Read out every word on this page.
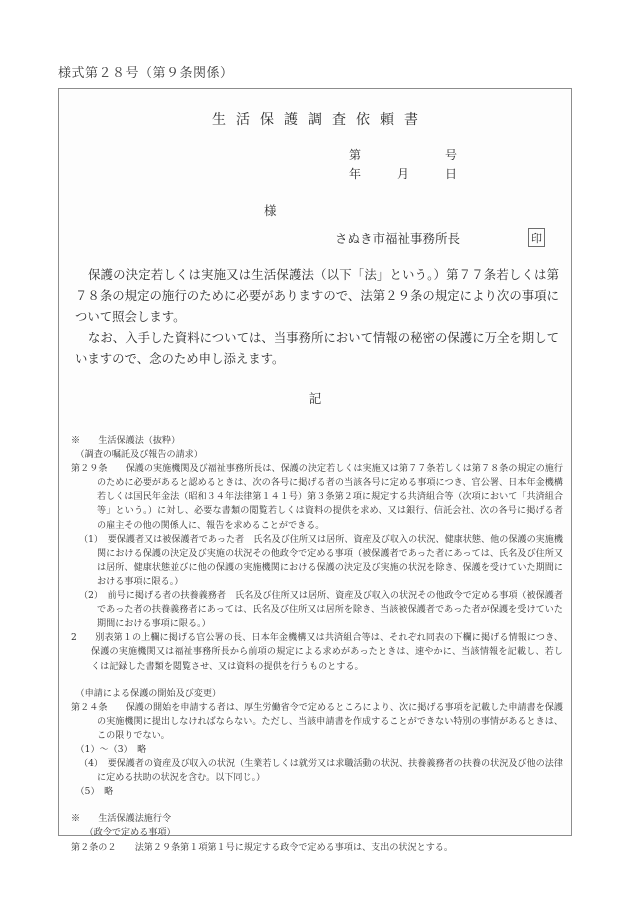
様式第２８号（第９条関係）
生活保護調査依頼書
第　　　　　　　号
年　　　月　　　日
様
さぬき市福祉事務所長	印
保護の決定若しくは実施又は生活保護法（以下「法」という。）第７７条若しくは第７８条の規定の施行のために必要がありますので、法第２９条の規定により次の事項について照会します。
なお、入手した資料については、当事務所において情報の秘密の保護に万全を期していますので、念のため申し添えます。
記

※　　 生活保護法（抜粋）

　（調査の嘱託及び報告の請求）

第２９条　　 保護の実施機関及び福祉事務所長は、保護の決定若しくは実施又は第７７条若しくは第７８条の規定の施行のために必要があると認めるときは、次の各号に掲げる者の当該各号に定める事項につき、官公署、日本年金機構若しくは国民年金法（昭和３４年法律第１４１号）第３条第２項に規定する共済組合等（次項において「共済組合等」という。）に対し、必要な書類の閲覧若しくは資料の提供を求め、又は銀行、信託会社、次の各号に掲げる者の雇主その他の関係人に、報告を求めることができる。

（1）　 要保護者又は被保護者であった者　氏名及び住所又は居所、資産及び収入の状況、健康状態、他の保護の実施機関における保護の決定及び実施の状況その他政令で定める事項（被保護者であった者にあっては、氏名及び住所又は居所、健康状態並びに他の保護の実施機関における保護の決定及び実施の状況を除き、保護を受けていた期間における事項に限る。）

（2）　 前号に掲げる者の扶養義務者　氏名及び住所又は居所、資産及び収入の状況その他政令で定める事項（被保護者であった者の扶養義務者にあっては、氏名及び住所又は居所を除き、当該被保護者であった者が保護を受けていた期間における事項に限る。）

2　　 別表第１の上欄に掲げる官公署の長、日本年金機構又は共済組合等は、それぞれ同表の下欄に掲げる情報につき、保護の実施機関又は福祉事務所長から前項の規定による求めがあったときは、速やかに、当該情報を記載し、若しくは記録した書類を閲覧させ、又は資料の提供を行うものとする。

　（申請による保護の開始及び変更）

第２４条　　 保護の開始を申請する者は、厚生労働省令で定めるところにより、次に掲げる事項を記載した申請書を保護の実施機関に提出しなければならない。ただし、当該申請書を作成することができない特別の事情があるときは、この限りでない。

　（1）〜（3）　略

（4）　 要保護者の資産及び収入の状況（生業若しくは就労又は求職活動の状況、扶養義務者の扶養の状況及び他の法律に定める扶助の状況を含む。以下同じ。）

　（5）　略

※　　 生活保護法施行令

　　（政令で定める事項）

第２条の２　　 法第２９条第１項第１号に規定する政令で定める事項は、支出の状況とする。
